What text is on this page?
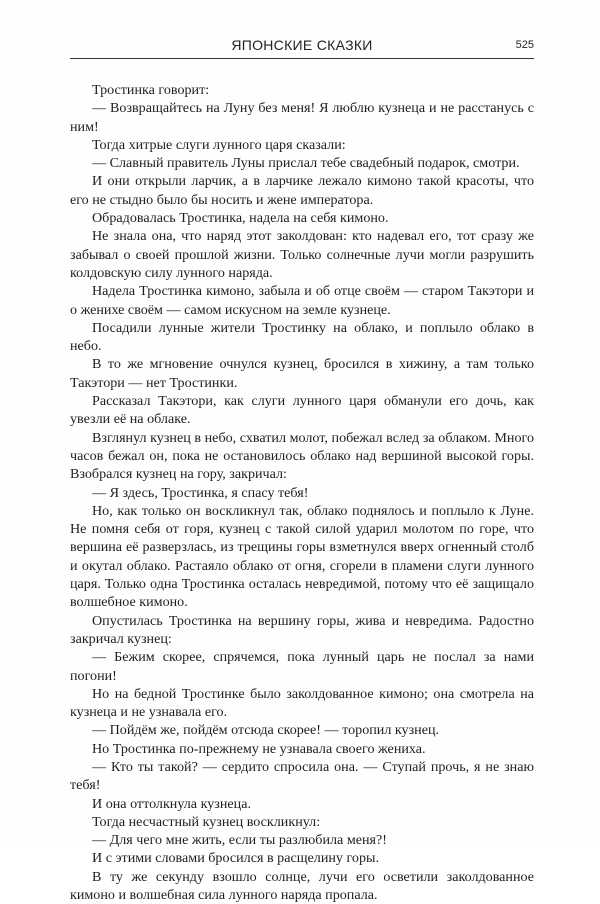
ЯПОНСКИЕ СКАЗКИ	525

Тростинка говорит:

— Возвращайтесь на Луну без меня! Я люблю кузнеца и не расстанусь с ним!

Тогда хитрые слуги лунного царя сказали:

— Славный правитель Луны прислал тебе свадебный подарок, смотри.

И они открыли ларчик, а в ларчике лежало кимоно такой красоты, что его не стыдно было бы носить и жене императора.

Обрадовалась Тростинка, надела на себя кимоно.

Не знала она, что наряд этот заколдован: кто надевал его, тот сразу же забывал о своей прошлой жизни. Только солнечные лучи могли разрушить колдовскую силу лунного наряда.

Надела Тростинка кимоно, забыла и об отце своём — старом Такэтори и о женихе своём — самом искусном на земле кузнеце.

Посадили лунные жители Тростинку на облако, и поплыло облако в небо.

В то же мгновение очнулся кузнец, бросился в хижину, а там только Такэтори — нет Тростинки.

Рассказал Такэтори, как слуги лунного царя обманули его дочь, как увезли её на облаке.

Взглянул кузнец в небо, схватил молот, побежал вслед за облаком. Много часов бежал он, пока не остановилось облако над вершиной высокой горы. Взобрался кузнец на гору, закричал:

— Я здесь, Тростинка, я спасу тебя!

Но, как только он воскликнул так, облако поднялось и поплыло к Луне. Не помня себя от горя, кузнец с такой силой ударил молотом по горе, что вершина её разверзлась, из трещины горы взметнулся вверх огненный столб и окутал облако. Растаяло облако от огня, сгорели в пламени слуги лунного царя. Только одна Тростинка осталась невредимой, потому что её защищало волшебное кимоно.

Опустилась Тростинка на вершину горы, жива и невредима. Радостно закричал кузнец:

— Бежим скорее, спрячемся, пока лунный царь не послал за нами погони!

Но на бедной Тростинке было заколдованное кимоно; она смотрела на кузнеца и не узнавала его.

— Пойдём же, пойдём отсюда скорее! — торопил кузнец.

Но Тростинка по-прежнему не узнавала своего жениха.

— Кто ты такой? — сердито спросила она. — Ступай прочь, я не знаю тебя!

И она оттолкнула кузнеца.

Тогда несчастный кузнец воскликнул:

— Для чего мне жить, если ты разлюбила меня?!

И с этими словами бросился в расщелину горы.

В ту же секунду взошло солнце, лучи его осветили заколдованное кимоно и волшебная сила лунного наряда пропала.
